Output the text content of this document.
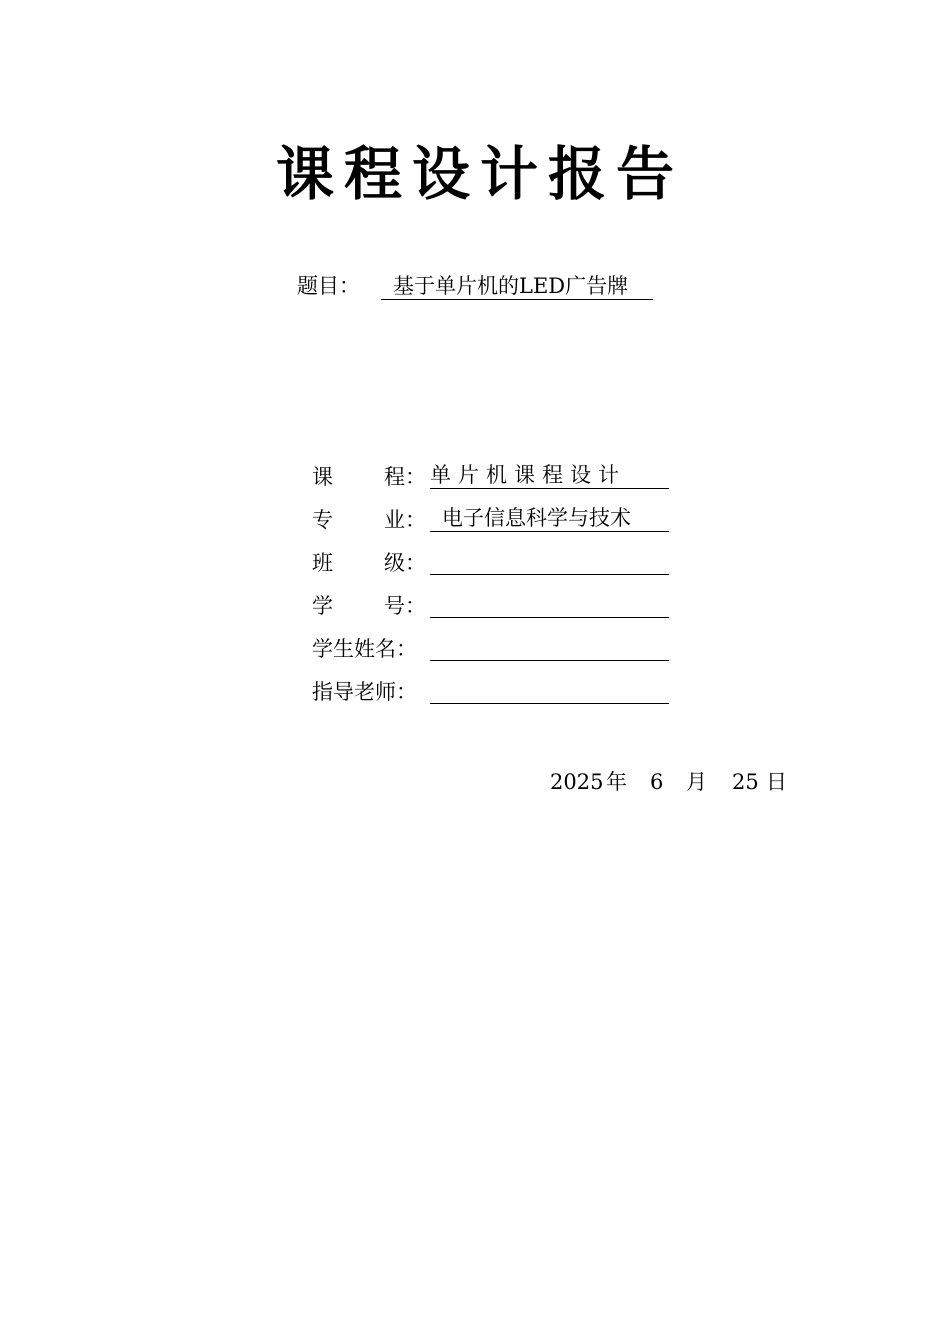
课程设计报告
题目： 基于单片机的LED广告牌
课 程： 单片机课程设计
专 业： 电子信息科学与技术
班 级：
学 号：
学生姓名：
指导老师：
2025 年 6 月 25 日
